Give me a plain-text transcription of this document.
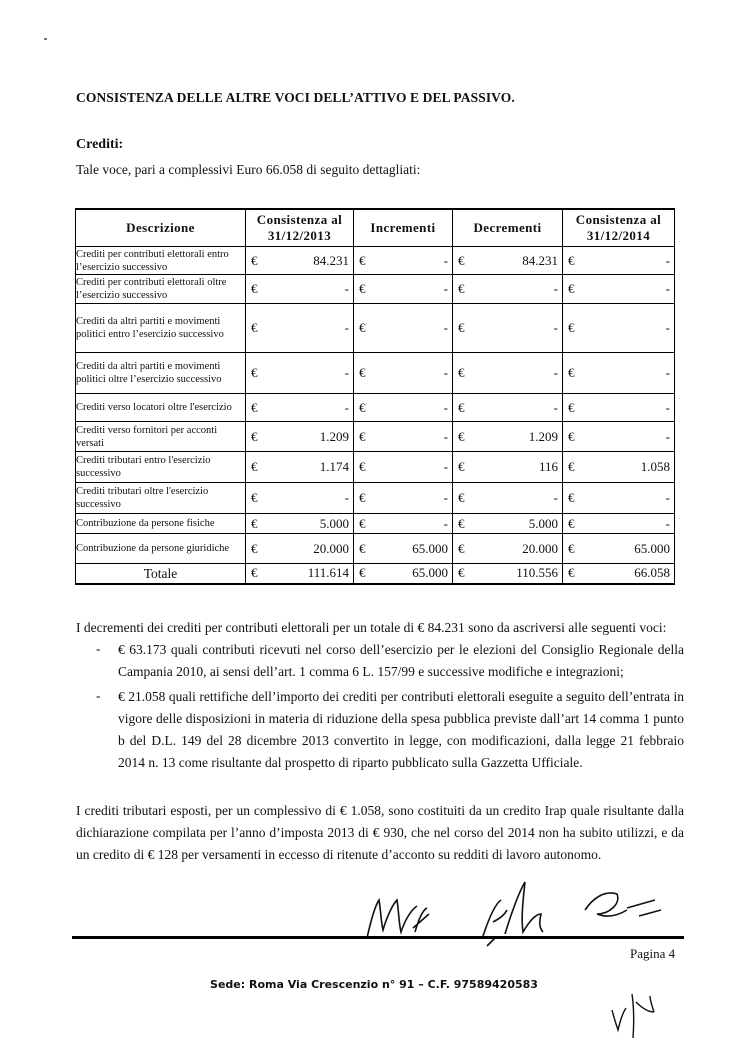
CONSISTENZA DELLE ALTRE VOCI DELL’ATTIVO E DEL PASSIVO.
Crediti:
Tale voce, pari a complessivi Euro 66.058 di seguito dettagliati:
Descrizione	Consistenza al 31/12/2013	Incrementi	Decrementi	Consistenza al 31/12/2014
Crediti per contributi elettorali entro l’esercizio successivo	€ 84.231	€ -	€ 84.231	€ -

Crediti per contributi elettorali oltre l’esercizio successivo	€ -	€ -	€ -	€ -

Crediti da altri partiti e movimenti politici entro l’esercizio successivo	€ -	€ -	€ -	€ -

Crediti da altri partiti e movimenti politici oltre l’esercizio successivo	€ -	€ -	€ -	€ -

Crediti verso locatori oltre l'esercizio	€ -	€ -	€ -	€ -

Crediti verso fornitori per acconti versati	€ 1.209	€ -	€ 1.209	€ -

Crediti tributari entro l'esercizio successivo	€ 1.174	€ -	€ 116	€ 1.058

Crediti tributari oltre l'esercizio successivo	€ -	€ -	€ -	€ -

Contribuzione da persone fisiche	€ 5.000	€ -	€ 5.000	€ -

Contribuzione da persone giuridiche	€ 20.000	€ 65.000	€ 20.000	€ 65.000

Totale	€ 111.614	€ 65.000	€ 110.556	€ 66.058
I decrementi dei crediti per contributi elettorali per un totale di € 84.231 sono da ascriversi alle seguenti voci:
- € 63.173 quali contributi ricevuti nel corso dell’esercizio per le elezioni del Consiglio Regionale della Campania 2010, ai sensi dell’art. 1 comma 6 L. 157/99 e successive modifiche e integrazioni;
- € 21.058 quali rettifiche dell’importo dei crediti per contributi elettorali eseguite a seguito dell’entrata in vigore delle disposizioni in materia di riduzione della spesa pubblica previste dall’art 14 comma 1 punto b del D.L. 149 del 28 dicembre 2013 convertito in legge, con modificazioni, dalla legge 21 febbraio 2014 n. 13 come risultante dal prospetto di riparto pubblicato sulla Gazzetta Ufficiale.
I crediti tributari esposti, per un complessivo di € 1.058, sono costituiti da un credito Irap quale risultante dalla dichiarazione compilata per l’anno d’imposta 2013 di € 930, che nel corso del 2014 non ha subito utilizzi, e da un credito di € 128 per versamenti in eccesso di ritenute d’acconto su redditi di lavoro autonomo.
Pagina 4
Sede: Roma Via Crescenzio n° 91 – C.F. 97589420583
